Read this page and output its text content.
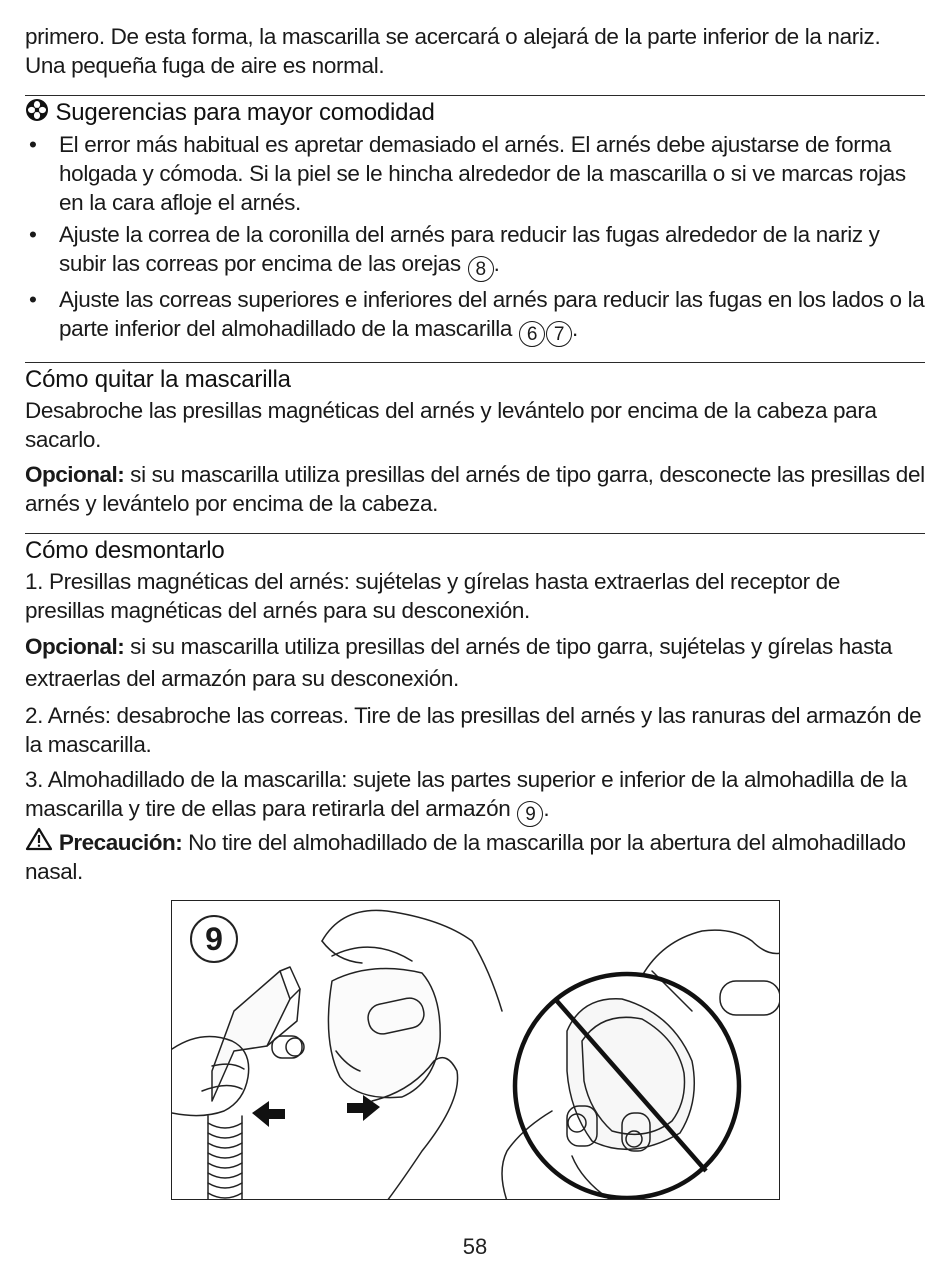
primero. De esta forma, la mascarilla se acercará o alejará de la parte inferior de la nariz. Una pequeña fuga de aire es normal.

Sugerencias para mayor comodidad
• El error más habitual es apretar demasiado el arnés. El arnés debe ajustarse de forma holgada y cómoda. Si la piel se le hincha alrededor de la mascarilla o si ve marcas rojas en la cara afloje el arnés.
• Ajuste la correa de la coronilla del arnés para reducir las fugas alrededor de la nariz y subir las correas por encima de las orejas 8 .
• Ajuste las correas superiores e inferiores del arnés para reducir las fugas en los lados o la parte inferior del almohadillado de la mascarilla 6 7 .
Cómo quitar la mascarilla

Desabroche las presillas magnéticas del arnés y levántelo por encima de la cabeza para sacarlo.

Opcional: si su mascarilla utiliza presillas del arnés de tipo garra, desconecte las presillas del arnés y levántelo por encima de la cabeza.

Cómo desmontarlo

1. Presillas magnéticas del arnés: sujételas y gírelas hasta extraerlas del receptor de presillas magnéticas del arnés para su desconexión.

Opcional: si su mascarilla utiliza presillas del arnés de tipo garra, sujételas y gírelas hasta extraerlas del armazón para su desconexión.

2. Arnés: desabroche las correas. Tire de las presillas del arnés y las ranuras del armazón de la mascarilla.

3. Almohadillado de la mascarilla: sujete las partes superior e inferior de la almohadilla de la mascarilla y tire de ellas para retirarla del armazón 9 .

Precaución: No tire del almohadillado de la mascarilla por la abertura del almohadillado nasal.

9
58
